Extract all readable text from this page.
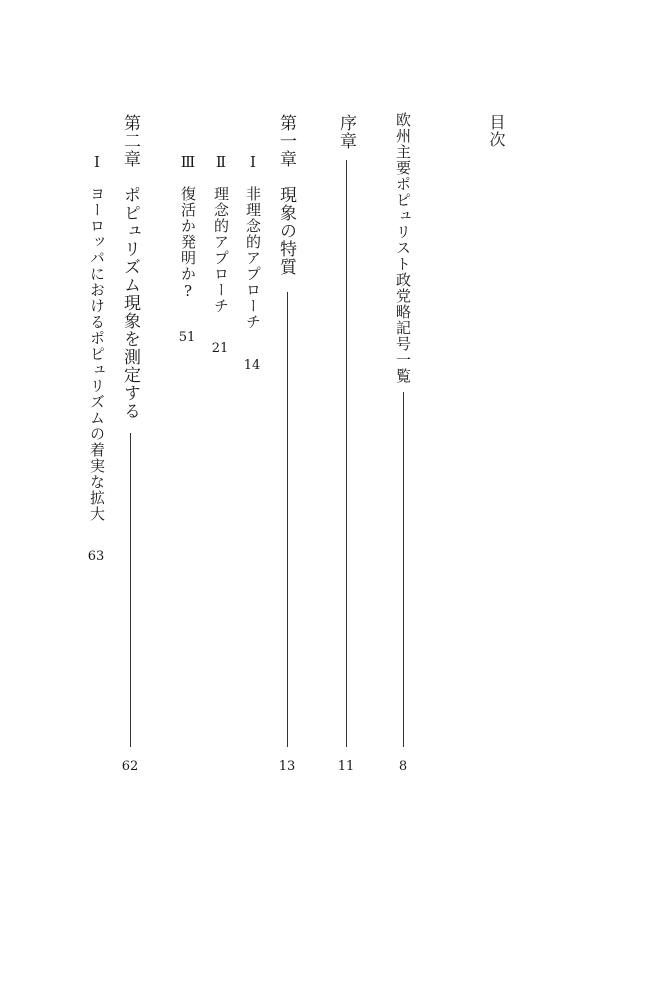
目次
欧州主要ポピュリスト政党略記号一覧
8
序章
11
第一章　現象の特質
13
Ⅰ
非理念的アプローチ
14
Ⅱ
理念的アプローチ
21
Ⅲ
復活か発明か?
51
第二章　ポピュリズム現象を測定する
62
Ⅰ
ヨーロッパにおけるポピュリズムの着実な拡大
63
